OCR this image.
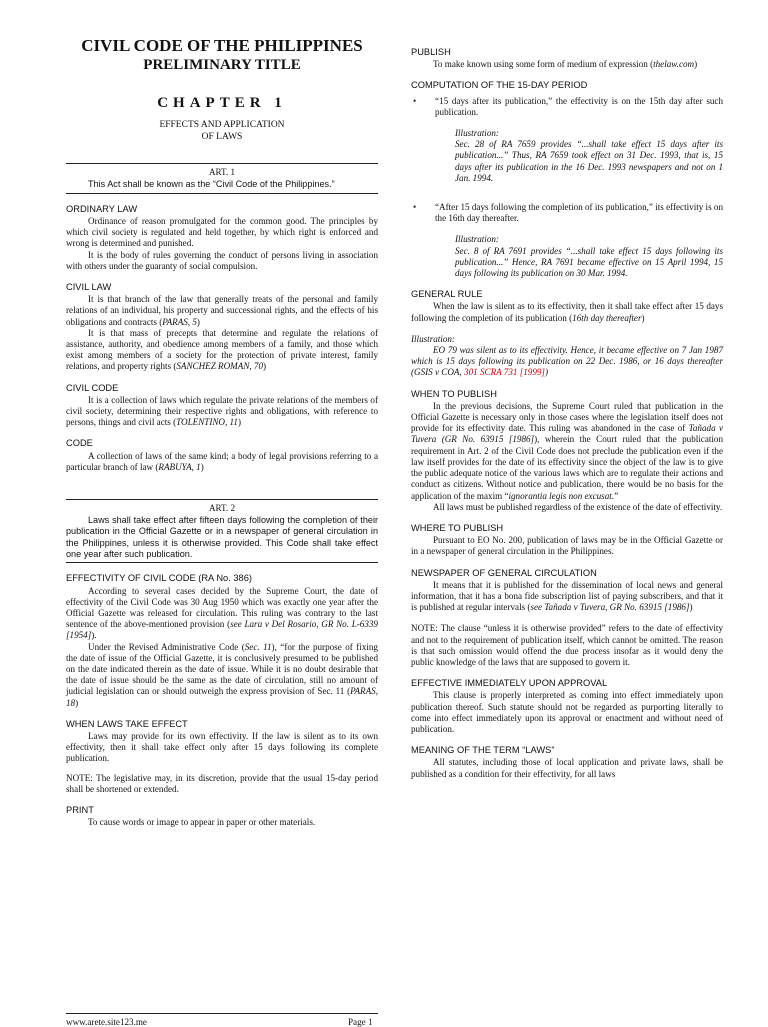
CIVIL CODE OF THE PHILIPPINES

PRELIMINARY TITLE

CHAPTER 1

EFFECTS AND APPLICATION

OF LAWS

ART. 1

This Act shall be known as the “Civil Code of the Philippines.”

ORDINARY LAW

Ordinance of reason promulgated for the common good. The principles by which civil society is regulated and held together, by which right is enforced and wrong is determined and punished.

It is the body of rules governing the conduct of persons living in association with others under the guaranty of social compulsion.

CIVIL LAW

It is that branch of the law that generally treats of the personal and family relations of an individual, his property and successional rights, and the effects of his obligations and contracts (PARAS, 5)

It is that mass of precepts that determine and regulate the relations of assistance, authority, and obedience among members of a family, and those which exist among members of a society for the protection of private interest, family relations, and property rights (SANCHEZ ROMAN, 70)

CIVIL CODE

It is a collection of laws which regulate the private relations of the members of civil society, determining their respective rights and obligations, with reference to persons, things and civil acts (TOLENTINO, 11)

CODE

A collection of laws of the same kind; a body of legal provisions referring to a particular branch of law (RABUYA, 1)

ART. 2

Laws shall take effect after fifteen days following the completion of their publication in the Official Gazette or in a newspaper of general circulation in the Philippines, unless it is otherwise provided. This Code shall take effect one year after such publication.

EFFECTIVITY OF CIVIL CODE (RA No. 386)

According to several cases decided by the Supreme Court, the date of effectivity of the Civil Code was 30 Aug 1950 which was exactly one year after the Official Gazette was released for circulation. This ruling was contrary to the last sentence of the above-mentioned provision (see Lara v Del Rosario, GR No. L-6339 [1954]).

Under the Revised Administrative Code (Sec. 11), “for the purpose of fixing the date of issue of the Official Gazette, it is conclusively presumed to be published on the date indicated therein as the date of issue. While it is no doubt desirable that the date of issue should be the same as the date of circulation, still no amount of judicial legislation can or should outweigh the express provision of Sec. 11 (PARAS, 18)

WHEN LAWS TAKE EFFECT

Laws may provide for its own effectivity. If the law is silent as to its own effectivity, then it shall take effect only after 15 days following its complete publication.

NOTE: The legislative may, in its discretion, provide that the usual 15-day period shall be shortened or extended.

PRINT

To cause words or image to appear in paper or other materials.

PUBLISH

To make known using some form of medium of expression (thelaw.com)

COMPUTATION OF THE 15-DAY PERIOD
•	“15 days after its publication,” the effectivity is on the 15th day after such publication.

Illustration:
Sec. 28 of RA 7659 provides “...shall take effect 15 days after its publication...” Thus, RA 7659 took effect on 31 Dec. 1993, that is, 15 days after its publication in the 16 Dec. 1993 newspapers and not on 1 Jan. 1994.

•	“After 15 days following the completion of its publication,” its effectivity is on the 16th day thereafter.

Illustration:
Sec. 8 of RA 7691 provides “...shall take effect 15 days following its publication...” Hence, RA 7691 became effective on 15 April 1994, 15 days following its publication on 30 Mar. 1994.

GENERAL RULE

When the law is silent as to its effectivity, then it shall take effect after 15 days following the completion of its publication (16th day thereafter)

Illustration:

EO 79 was silent as to its effectivity. Hence, it became effective on 7 Jan 1987 which is 15 days following its publication on 22 Dec. 1986, or 16 days thereafter (GSIS v COA, 301 SCRA 731 [1999])

WHEN TO PUBLISH

In the previous decisions, the Supreme Court ruled that publication in the Official Gazette is necessary only in those cases where the legislation itself does not provide for its effectivity date. This ruling was abandoned in the case of Tañada v Tuvera (GR No. 63915 [1986]), wherein the Court ruled that the publication requirement in Art. 2 of the Civil Code does not preclude the publication even if the law itself provides for the date of its effectivity since the object of the law is to give the public adequate notice of the various laws which are to regulate their actions and conduct as citizens. Without notice and publication, there would be no basis for the application of the maxim “ignorantia legis non excusat.”

All laws must be published regardless of the existence of the date of effectivity.

WHERE TO PUBLISH

Pursuant to EO No. 200, publication of laws may be in the Official Gazette or in a newspaper of general circulation in the Philippines.

NEWSPAPER OF GENERAL CIRCULATION

It means that it is published for the dissemination of local news and general information, that it has a bona fide subscription list of paying subscribers, and that it is published at regular intervals (see Tañada v Tuvera, GR No. 63915 [1986])

NOTE: The clause “unless it is otherwise provided” refers to the date of effectivity and not to the requirement of publication itself, which cannot be omitted. The reason is that such omission would offend the due process insofar as it would deny the public knowledge of the laws that are supposed to govern it.

EFFECTIVE IMMEDIATELY UPON APPROVAL

This clause is properly interpreted as coming into effect immediately upon publication thereof. Such statute should not be regarded as purporting literally to come into effect immediately upon its approval or enactment and without need of publication.

MEANING OF THE TERM “LAWS”

All statutes, including those of local application and private laws, shall be published as a condition for their effectivity, for all laws

www.arete.site123.me	Page 1
